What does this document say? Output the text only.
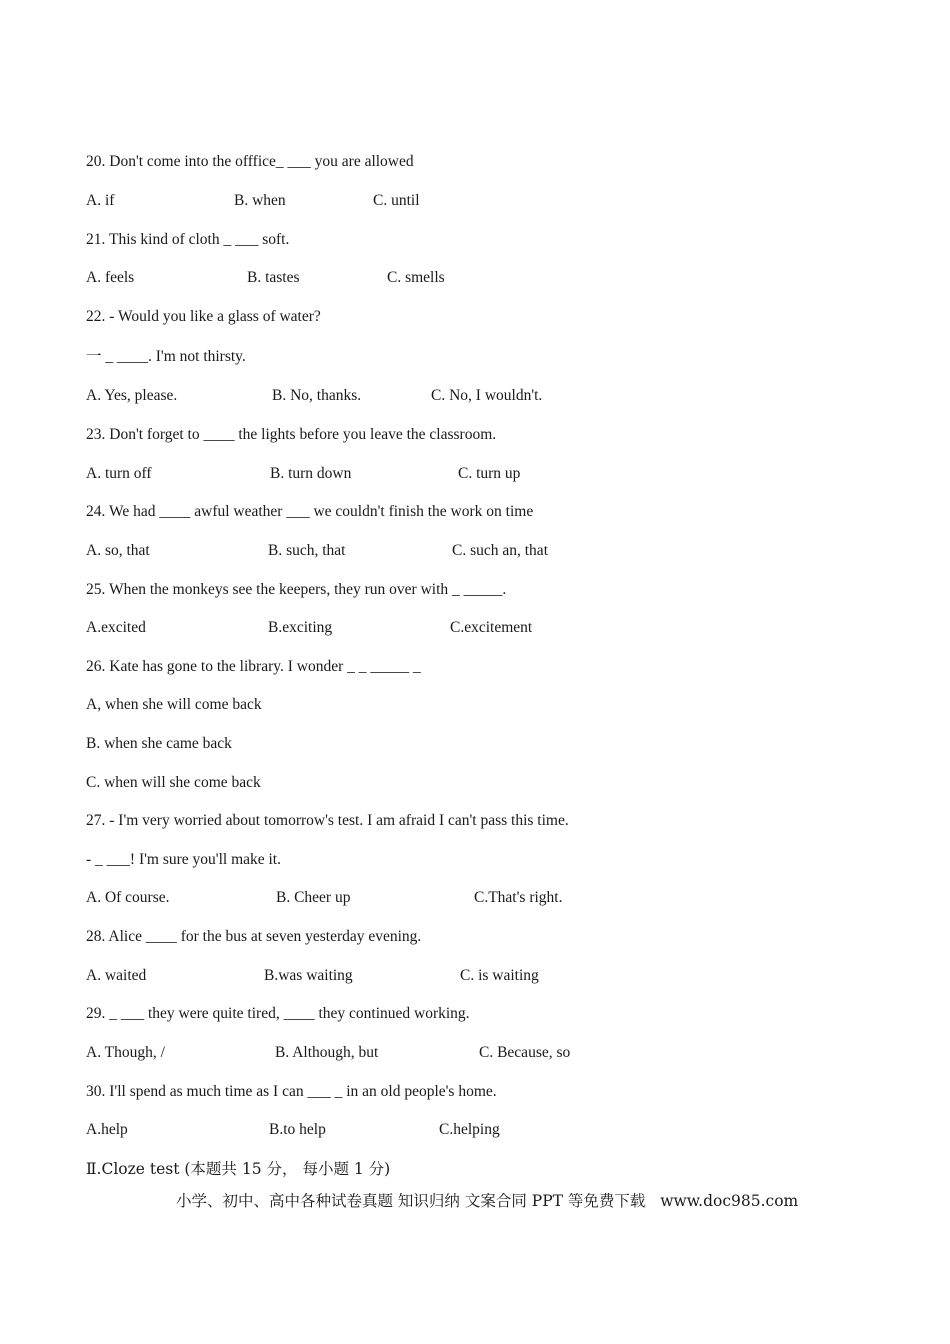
20. Don't come into the offfice_ ___ you are allowed
A. if	B. when	C. until
21. This kind of cloth _ ___ soft.
A. feels	B. tastes	C. smells
22. - Would you like a glass of water?
一 _ ____. I'm not thirsty.
A. Yes, please.	B. No, thanks.	C. No, I wouldn't.
23. Don't forget to ____ the lights before you leave the classroom.
A. turn off	B. turn down	C. turn up
24. We had ____ awful weather ___ we couldn't finish the work on time
A. so, that	B. such, that	C. such an, that
25. When the monkeys see the keepers, they run over with _ _____.
A.excited	B.exciting	C.excitement
26. Kate has gone to the library. I wonder _ _ _____ _
A, when she will come back
B. when she came back
C. when will she come back
27. - I'm very worried about tomorrow's test. I am afraid I can't pass this time.
- _ ___! I'm sure you'll make it.
A. Of course.	B. Cheer up	C.That's right.
28. Alice ____ for the bus at seven yesterday evening.
A. waited	B.was waiting	C. is waiting
29. _ ___ they were quite tired, ____ they continued working.
A. Though, /	B. Although, but	C. Because, so
30. I'll spend as much time as I can ___ _ in an old people's home.
A.help	B.to help	C.helping
Ⅱ.Cloze test (本题共 15 分， 每小题 1 分)
小学、初中、高中各种试卷真题 知识归纳 文案合同 PPT 等免费下载   www.doc985.com
